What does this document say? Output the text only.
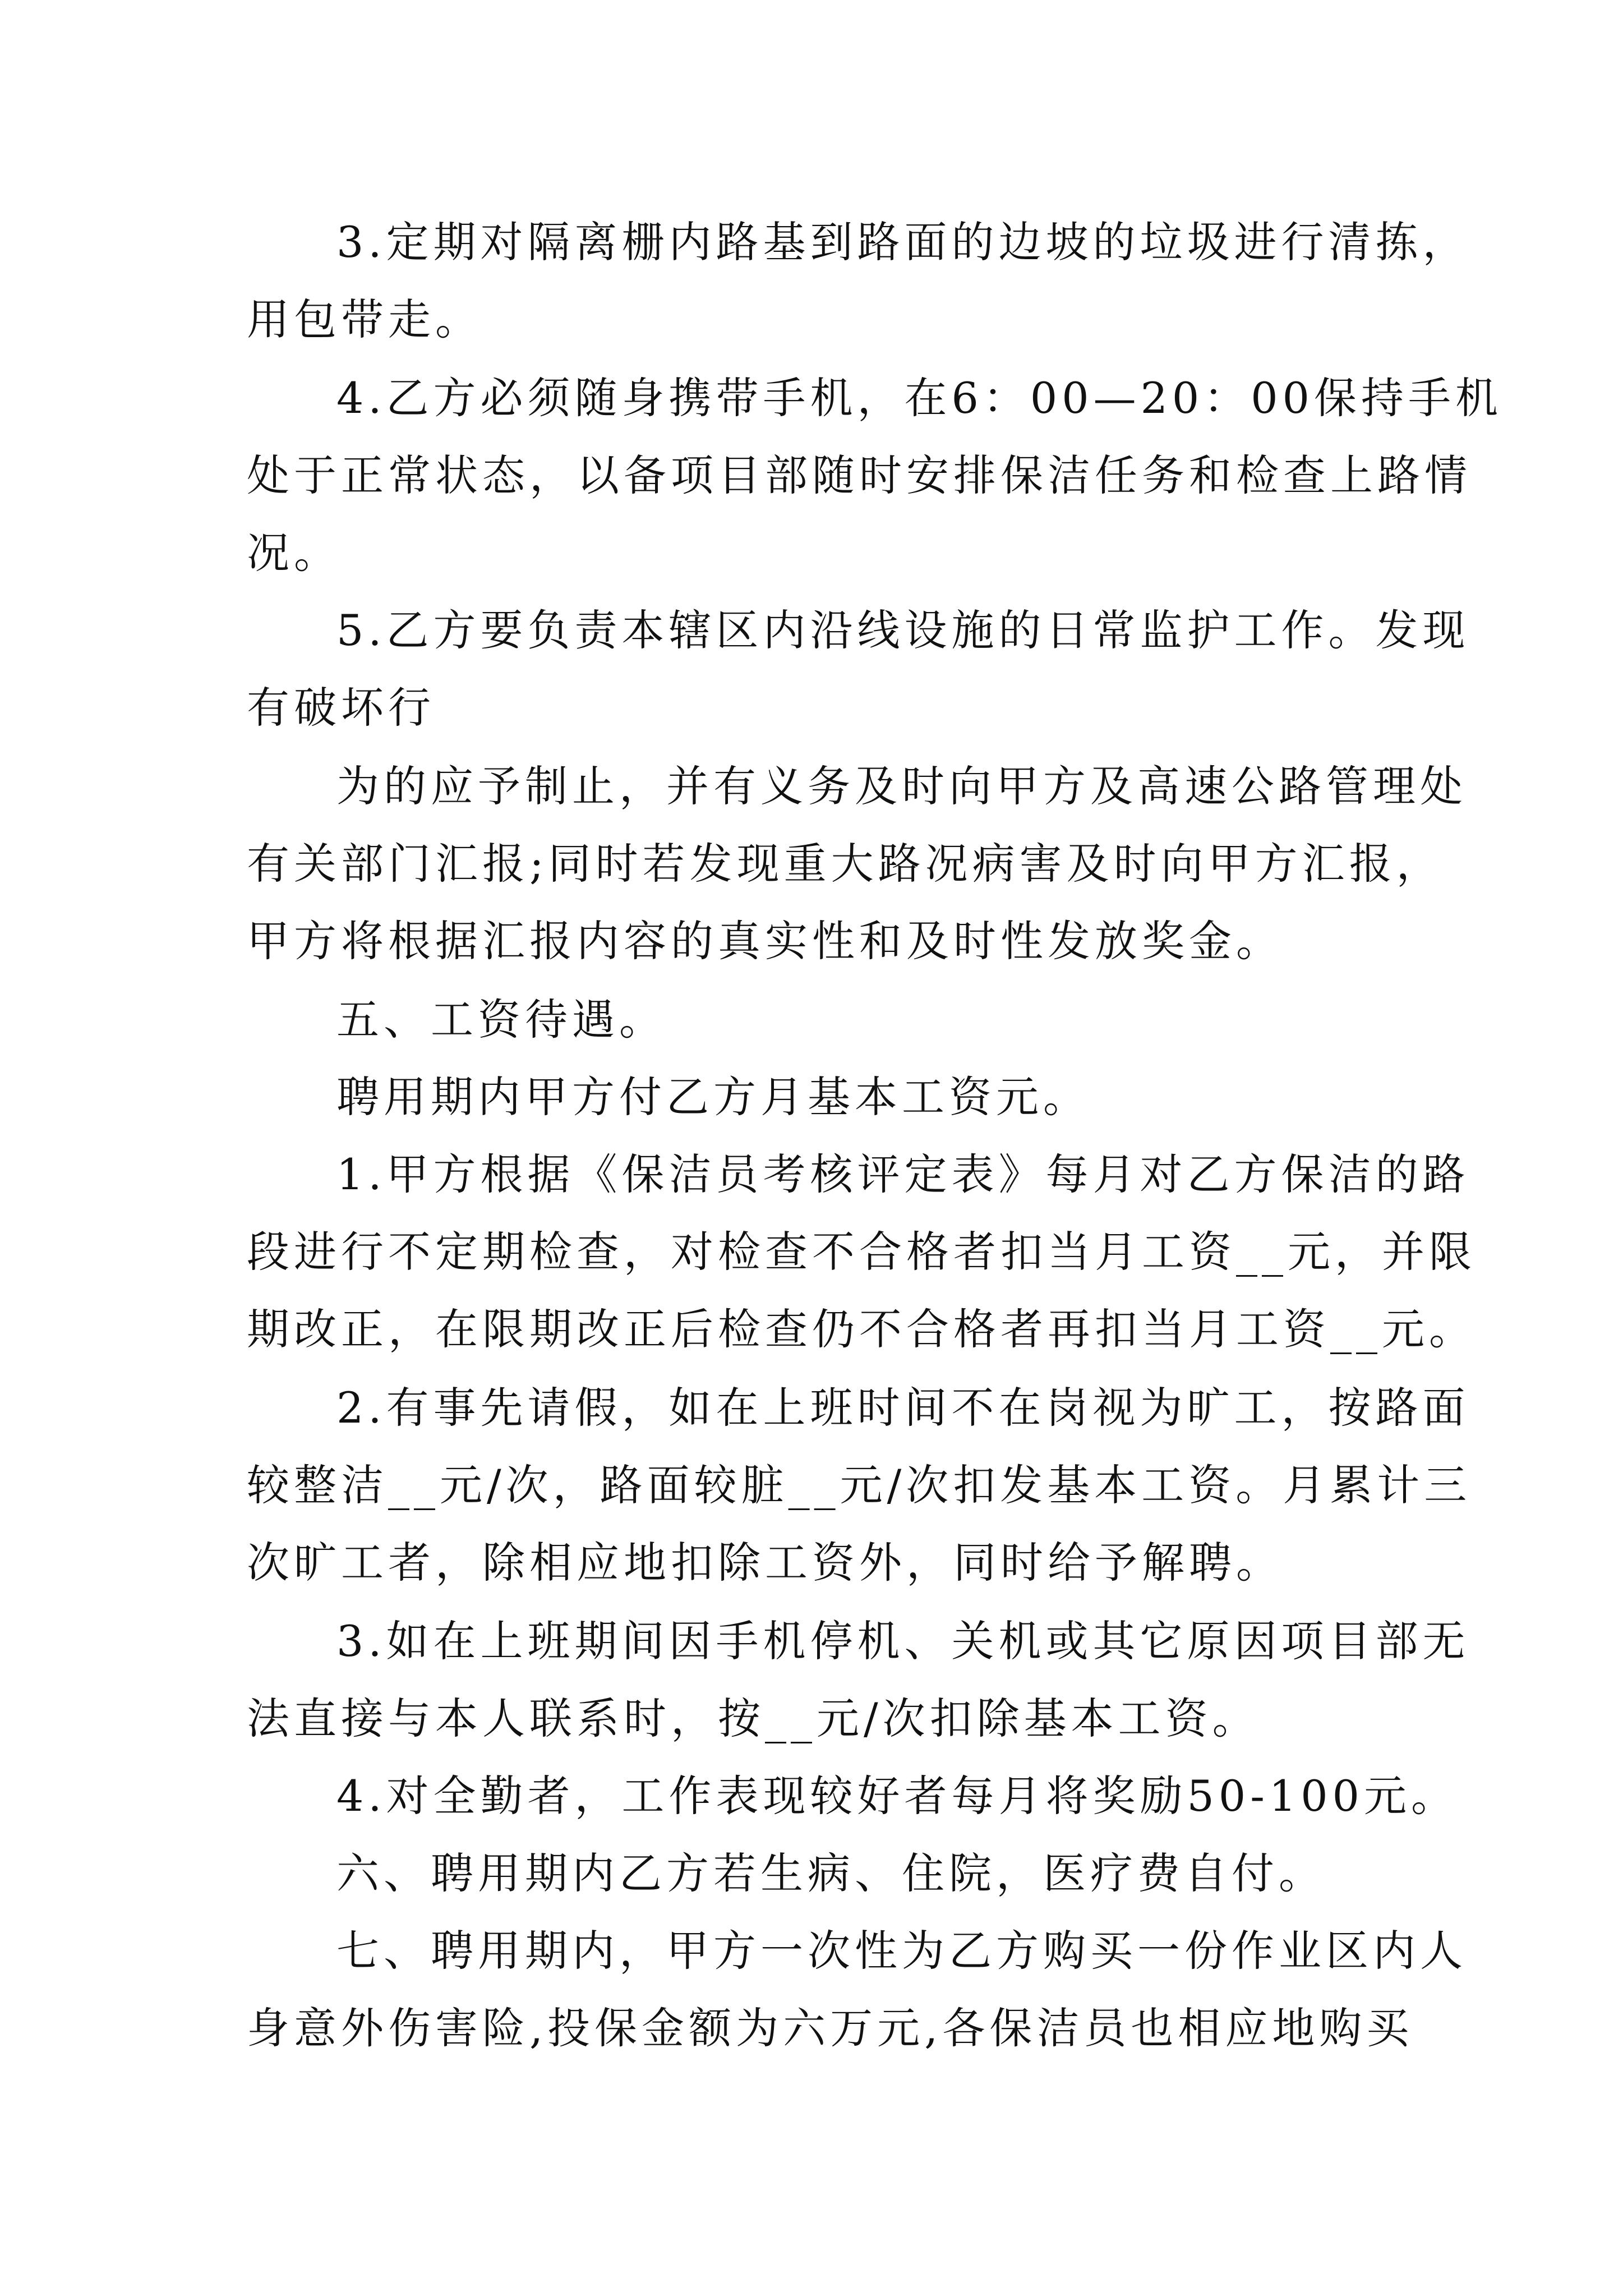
3.定期对隔离栅内路基到路面的边坡的垃圾进行清拣，
用包带走。
4.乙方必须随身携带手机，在6：00—20：00保持手机
处于正常状态，以备项目部随时安排保洁任务和检查上路情
况。
5.乙方要负责本辖区内沿线设施的日常监护工作。发现
有破坏行
为的应予制止，并有义务及时向甲方及高速公路管理处
有关部门汇报;同时若发现重大路况病害及时向甲方汇报，
甲方将根据汇报内容的真实性和及时性发放奖金。
五、工资待遇。
聘用期内甲方付乙方月基本工资元。
1.甲方根据《保洁员考核评定表》每月对乙方保洁的路
段进行不定期检查，对检查不合格者扣当月工资__元，并限
期改正，在限期改正后检查仍不合格者再扣当月工资__元。
2.有事先请假，如在上班时间不在岗视为旷工，按路面
较整洁__元/次，路面较脏__元/次扣发基本工资。月累计三
次旷工者，除相应地扣除工资外，同时给予解聘。
3.如在上班期间因手机停机、关机或其它原因项目部无
法直接与本人联系时，按__元/次扣除基本工资。
4.对全勤者，工作表现较好者每月将奖励50-100元。
六、聘用期内乙方若生病、住院，医疗费自付。
七、聘用期内，甲方一次性为乙方购买一份作业区内人
身意外伤害险,投保金额为六万元,各保洁员也相应地购买
